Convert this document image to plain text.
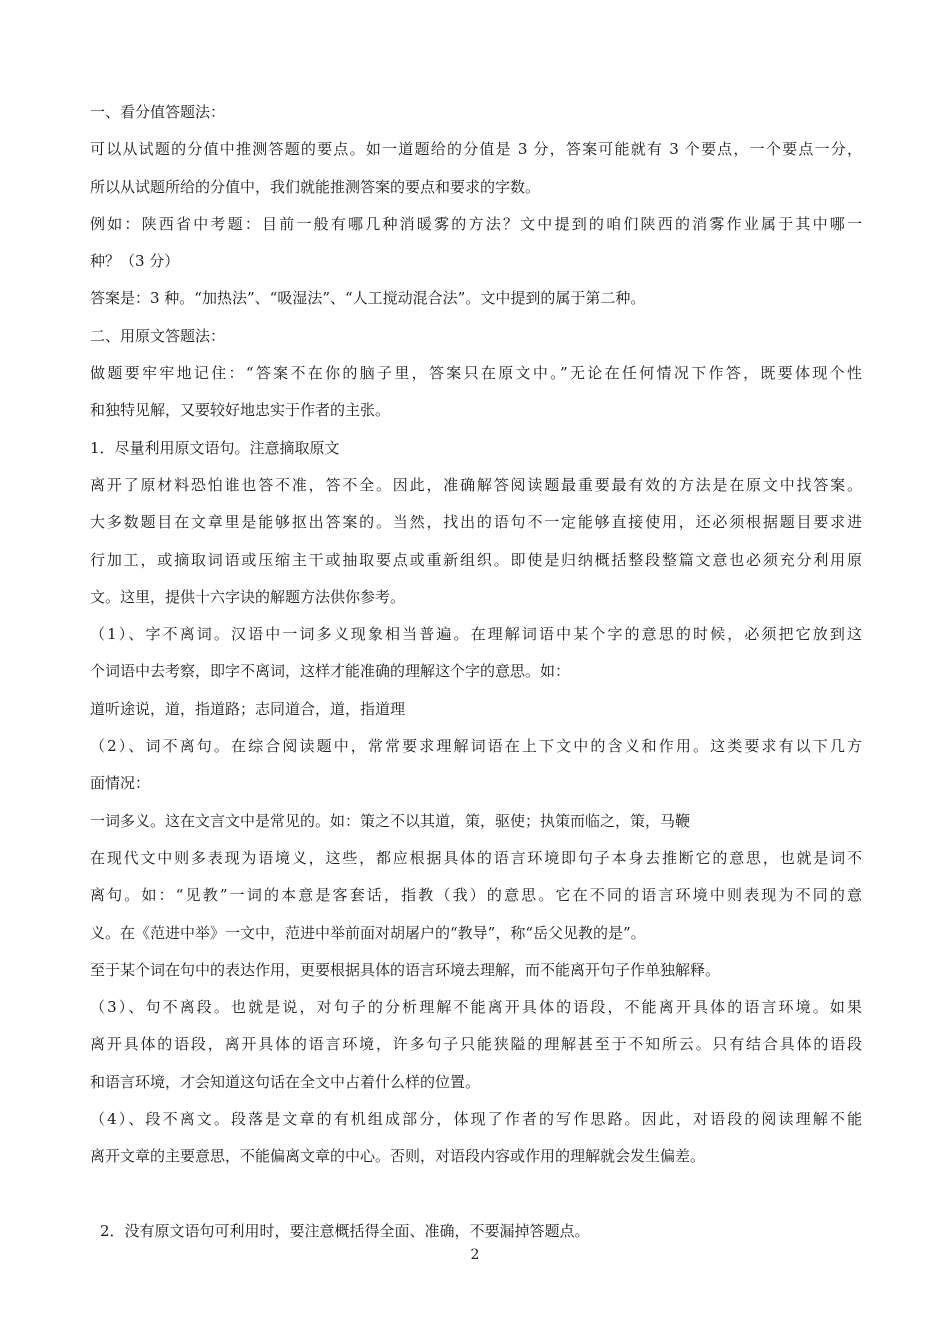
一、看分值答题法：
可以从试题的分值中推测答题的要点。如一道题给的分值是 3 分，答案可能就有 3 个要点，一个要点一分，
所以从试题所给的分值中，我们就能推测答案的要点和要求的字数。
例如：陕西省中考题：目前一般有哪几种消暖雾的方法？文中提到的咱们陕西的消雾作业属于其中哪一
种？（3 分）
答案是：3 种。“加热法”、“吸湿法”、“人工搅动混合法”。文中提到的属于第二种。
二、用原文答题法：
做题要牢牢地记住：“答案不在你的脑子里，答案只在原文中。”无论在任何情况下作答，既要体现个性
和独特见解，又要较好地忠实于作者的主张。
1．尽量利用原文语句。注意摘取原文
离开了原材料恐怕谁也答不准，答不全。因此，准确解答阅读题最重要最有效的方法是在原文中找答案。
大多数题目在文章里是能够抠出答案的。当然，找出的语句不一定能够直接使用，还必须根据题目要求进
行加工，或摘取词语或压缩主干或抽取要点或重新组织。即使是归纳概括整段整篇文意也必须充分利用原
文。这里，提供十六字诀的解题方法供你参考。
（1）、字不离词。汉语中一词多义现象相当普遍。在理解词语中某个字的意思的时候，必须把它放到这
个词语中去考察，即字不离词，这样才能准确的理解这个字的意思。如：
道听途说，道，指道路；志同道合，道，指道理
（2）、词不离句。在综合阅读题中，常常要求理解词语在上下文中的含义和作用。这类要求有以下几方
面情况：
一词多义。这在文言文中是常见的。如：策之不以其道，策，驱使；执策而临之，策，马鞭
在现代文中则多表现为语境义，这些，都应根据具体的语言环境即句子本身去推断它的意思，也就是词不
离句。如：“见教”一词的本意是客套话，指教（我）的意思。它在不同的语言环境中则表现为不同的意
义。在《范进中举》一文中，范进中举前面对胡屠户的“教导”，称“岳父见教的是”。
至于某个词在句中的表达作用，更要根据具体的语言环境去理解，而不能离开句子作单独解释。
（3）、句不离段。也就是说，对句子的分析理解不能离开具体的语段，不能离开具体的语言环境。如果
离开具体的语段，离开具体的语言环境，许多句子只能狭隘的理解甚至于不知所云。只有结合具体的语段
和语言环境，才会知道这句话在全文中占着什么样的位置。
（4）、段不离文。段落是文章的有机组成部分，体现了作者的写作思路。因此，对语段的阅读理解不能
离开文章的主要意思，不能偏离文章的中心。否则，对语段内容或作用的理解就会发生偏差。
2．没有原文语句可利用时，要注意概括得全面、准确，不要漏掉答题点。
2
